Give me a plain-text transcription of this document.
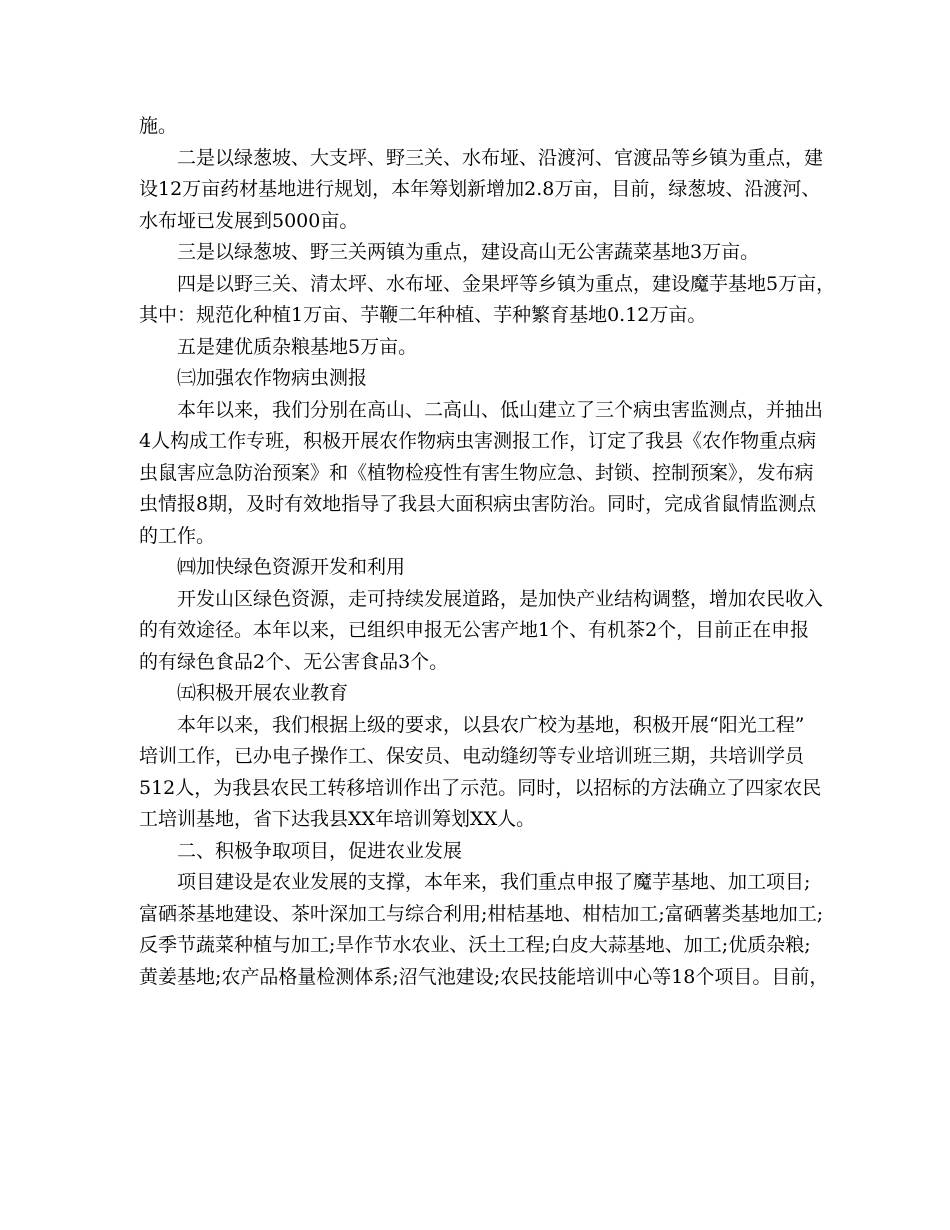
施。
二是以绿葱坡、大支坪、野三关、水布垭、沿渡河、官渡品等乡镇为重点，建
设12万亩药材基地进行规划，本年筹划新增加2.8万亩，目前，绿葱坡、沿渡河、
水布垭已发展到5000亩。
三是以绿葱坡、野三关两镇为重点，建设高山无公害蔬菜基地3万亩。
四是以野三关、清太坪、水布垭、金果坪等乡镇为重点，建设魔芋基地5万亩，
其中：规范化种植1万亩、芋鞭二年种植、芋种繁育基地0.12万亩。
五是建优质杂粮基地5万亩。
㈢加强农作物病虫测报
本年以来，我们分别在高山、二高山、低山建立了三个病虫害监测点，并抽出
4人构成工作专班，积极开展农作物病虫害测报工作，订定了我县《农作物重点病
虫鼠害应急防治预案》和《植物检疫性有害生物应急、封锁、控制预案》，发布病
虫情报8期，及时有效地指导了我县大面积病虫害防治。同时，完成省鼠情监测点
的工作。
㈣加快绿色资源开发和利用
开发山区绿色资源，走可持续发展道路，是加快产业结构调整，增加农民收入
的有效途径。本年以来，已组织申报无公害产地1个、有机茶2个，目前正在申报
的有绿色食品2个、无公害食品3个。
㈤积极开展农业教育
本年以来，我们根据上级的要求，以县农广校为基地，积极开展“阳光工程”
培训工作，已办电子操作工、保安员、电动缝纫等专业培训班三期，共培训学员
512人，为我县农民工转移培训作出了示范。同时，以招标的方法确立了四家农民
工培训基地，省下达我县XX年培训筹划XX人。
二、积极争取项目，促进农业发展
项目建设是农业发展的支撑，本年来，我们重点申报了魔芋基地、加工项目;
富硒茶基地建设、茶叶深加工与综合利用;柑桔基地、柑桔加工;富硒薯类基地加工;
反季节蔬菜种植与加工;旱作节水农业、沃土工程;白皮大蒜基地、加工;优质杂粮;
黄姜基地;农产品格量检测体系;沼气池建设;农民技能培训中心等18个项目。目前，
